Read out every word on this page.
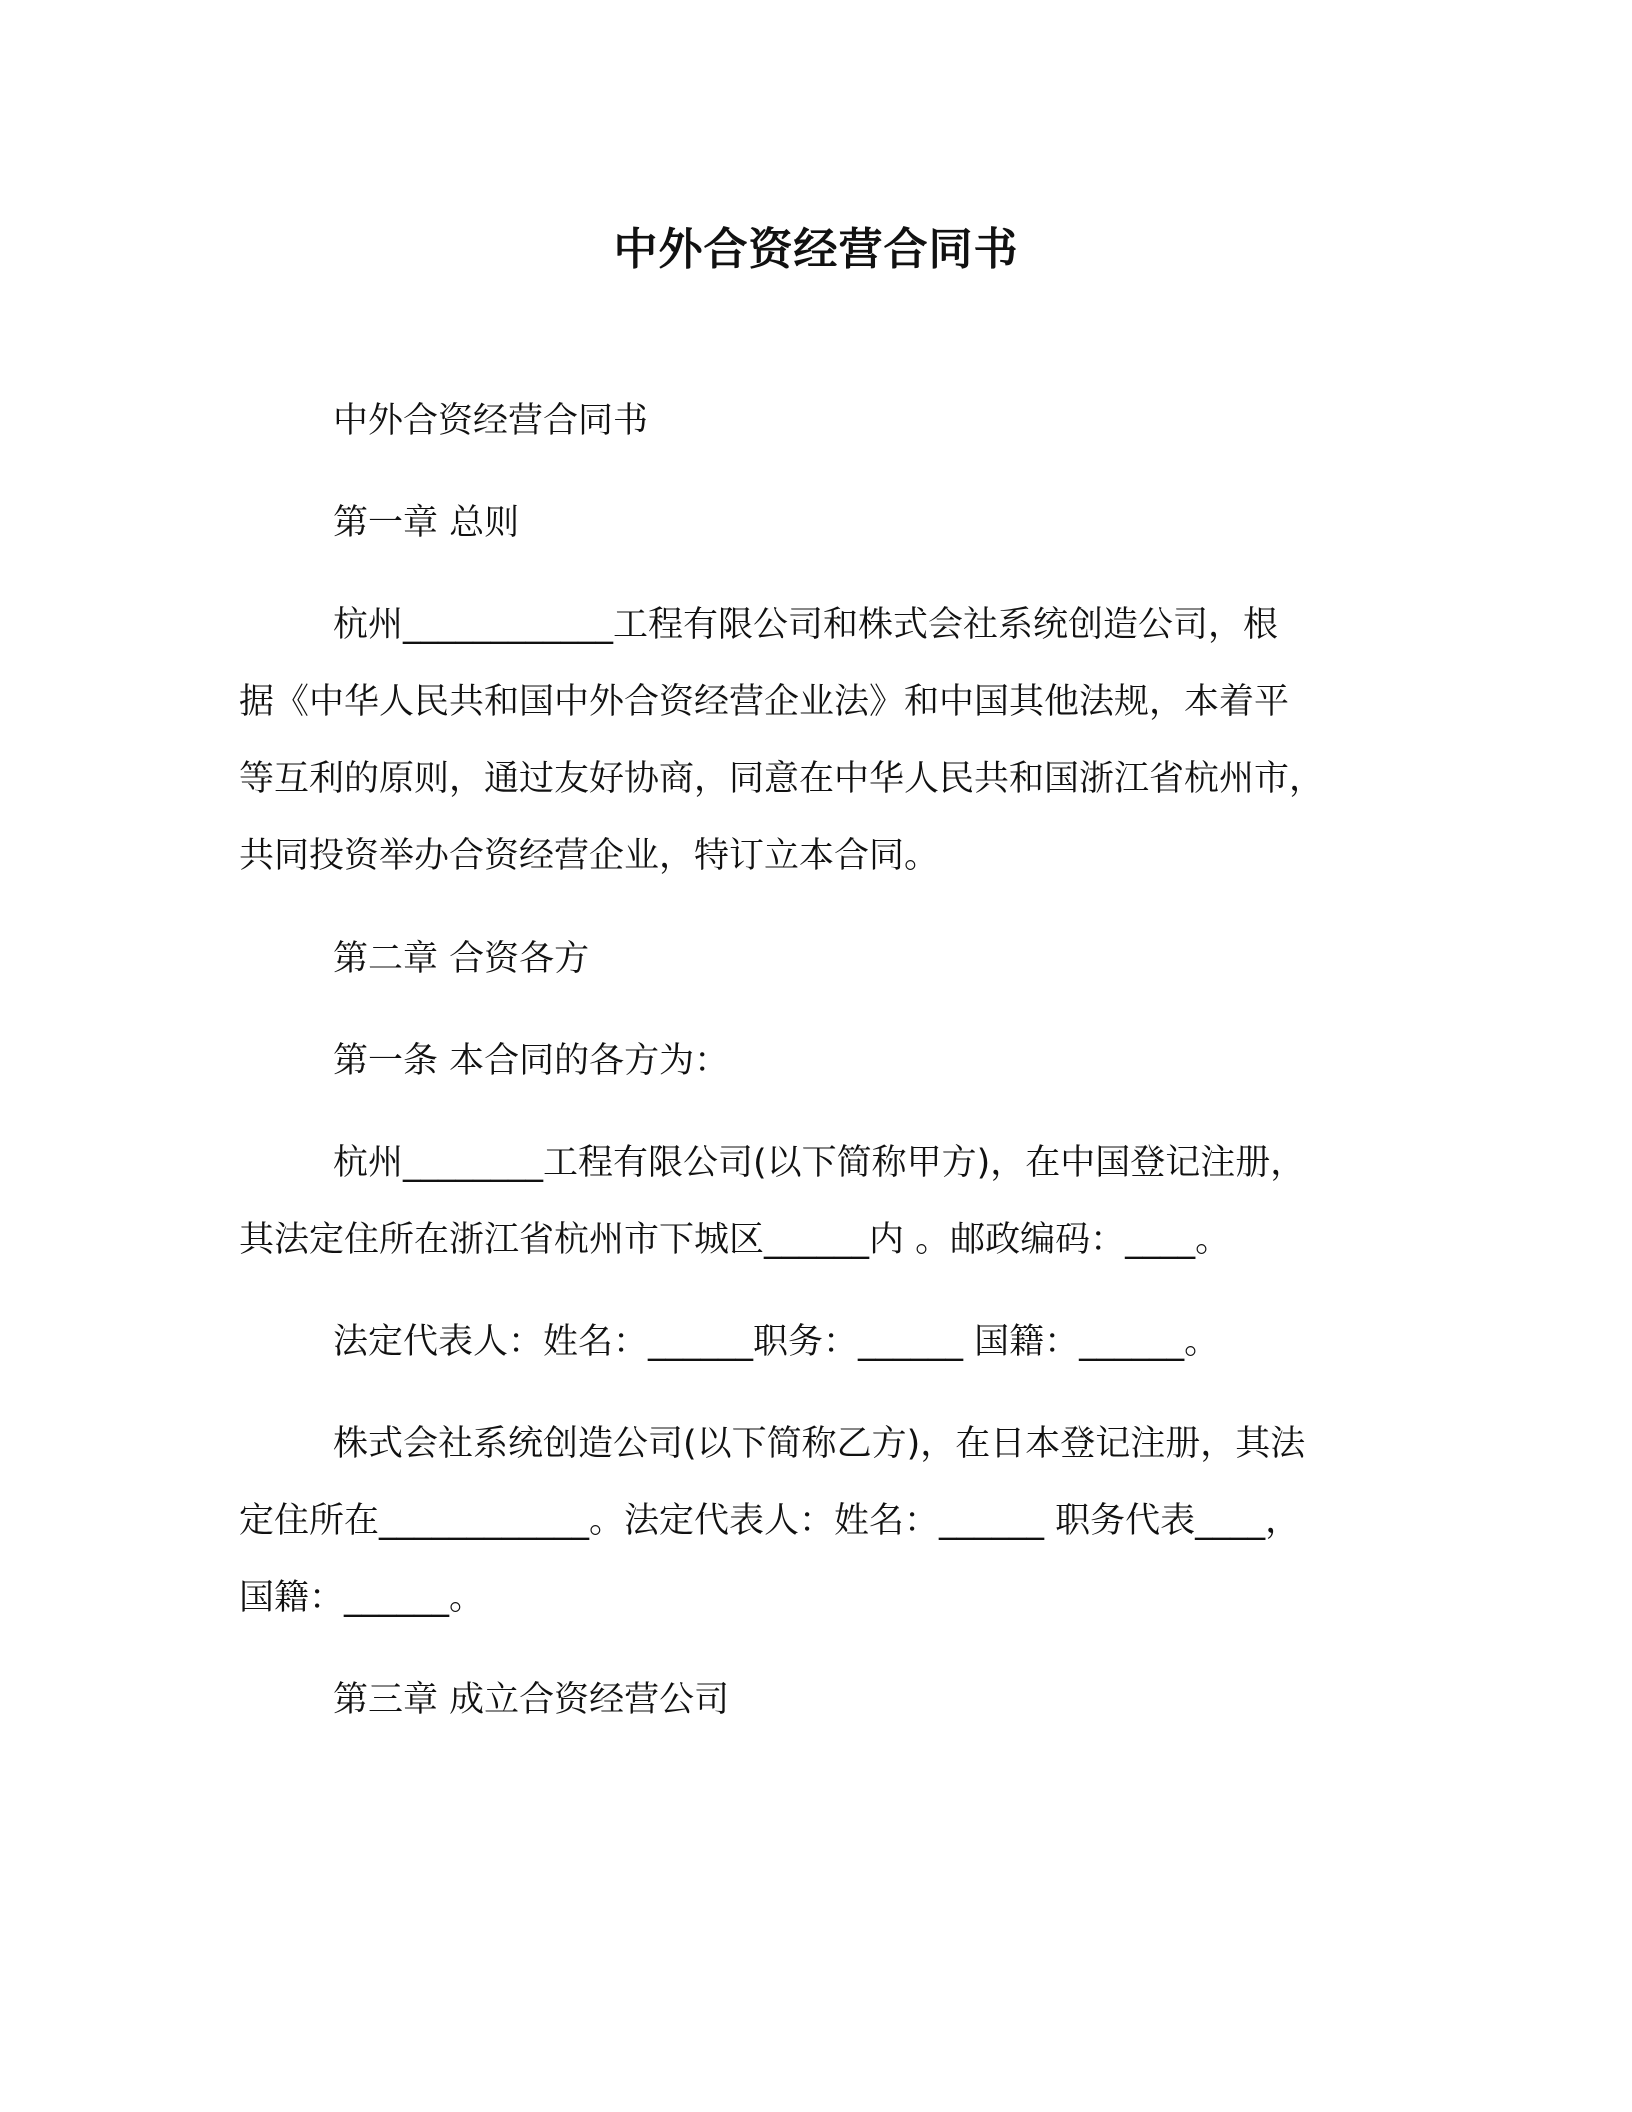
中外合资经营合同书
中外合资经营合同书
第一章 总则
杭州____________工程有限公司和株式会社系统创造公司，根
据《中华人民共和国中外合资经营企业法》和中国其他法规，本着平
等互利的原则，通过友好协商，同意在中华人民共和国浙江省杭州市，
共同投资举办合资经营企业，特订立本合同。
第二章 合资各方
第一条 本合同的各方为：
杭州________工程有限公司(以下简称甲方)，在中国登记注册，
其法定住所在浙江省杭州市下城区______内 。邮政编码：____。
法定代表人：姓名：______职务：______ 国籍：______。
株式会社系统创造公司(以下简称乙方)，在日本登记注册，其法
定住所在____________。法定代表人：姓名：______ 职务代表____，
国籍：______。
第三章 成立合资经营公司
